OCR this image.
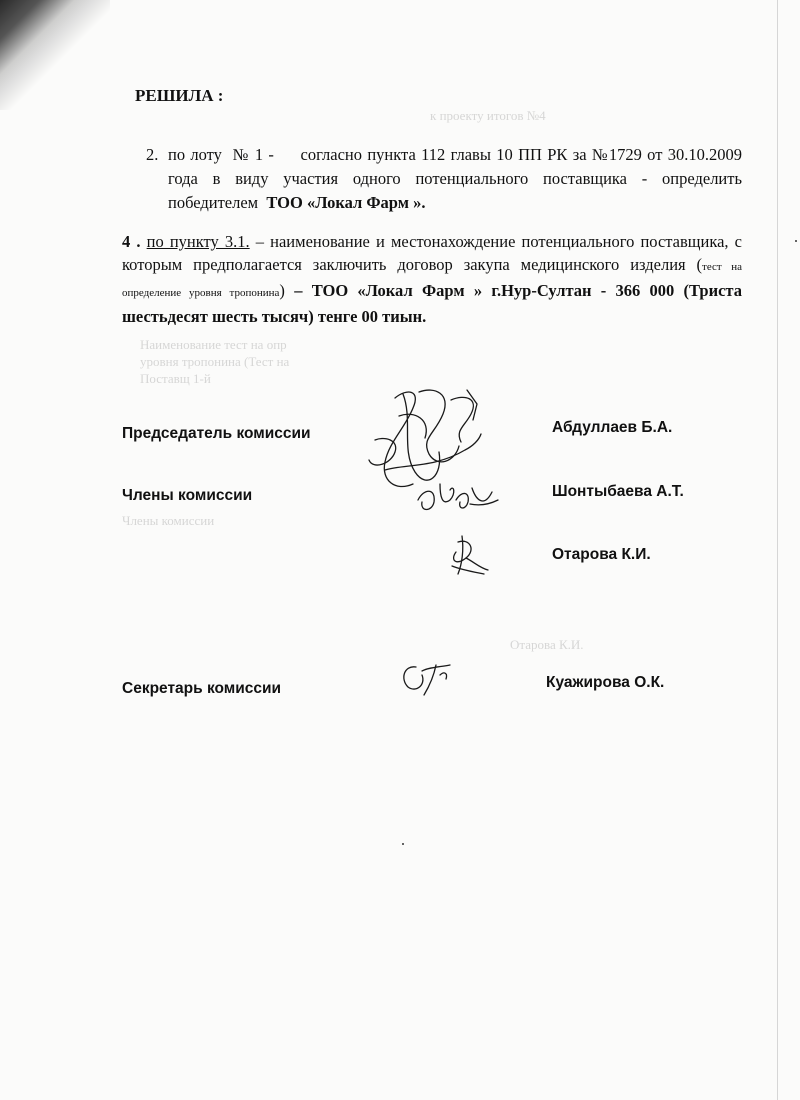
к проекту итогов №4
Наименование тест на опр
уровня тропонина (Тест на
Поставщ 1-й
Члены комиссии
Отарова К.И.
РЕШИЛА :
2. по лоту № 1 - согласно пункта 112 главы 10 ПП РК за №1729 от 30.10.2009 года в виду участия одного потенциального поставщика - определить победителем ТОО «Локал Фарм ».
4 . по пункту 3.1. – наименование и местонахождение потенциального поставщика, с которым предполагается заключить договор закупа медицинского изделия (тест на определение уровня тропонина) – ТОО «Локал Фарм » г.Нур-Султан - 366 000 (Триста шестьдесят шесть тысяч) тенге 00 тиын.
Председатель комиссии	Абдуллаев Б.А.
Члены комиссии	Шонтыбаева А.Т.
Отарова К.И.
Секретарь комиссии	Куажирова О.К.
